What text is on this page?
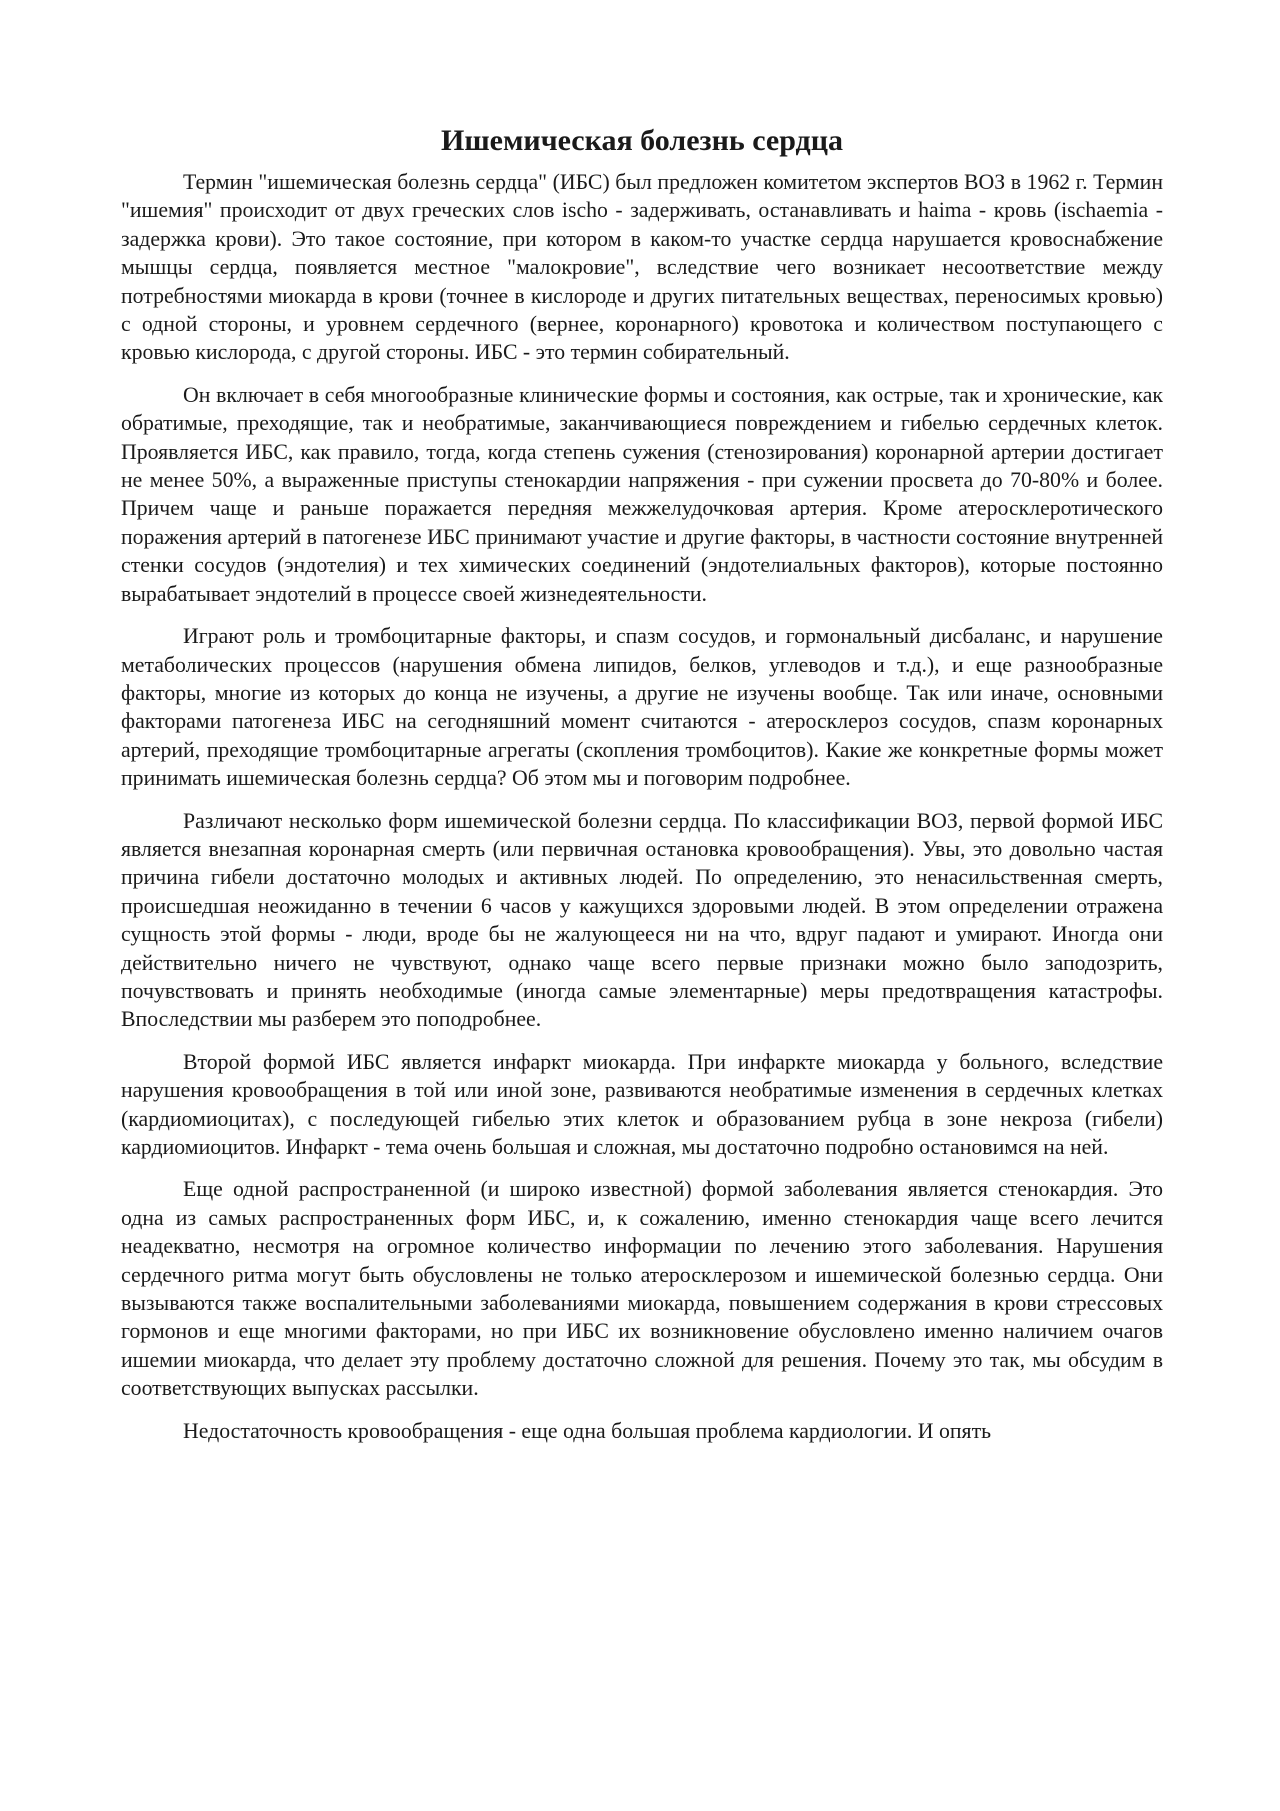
Ишемическая болезнь сердца

Термин "ишемическая болезнь сердца" (ИБС) был предложен комитетом экспертов ВОЗ в 1962 г. Термин "ишемия" происходит от двух греческих слов ischo - задерживать, останавливать и haima - кровь (ischaemia - задержка крови). Это такое состояние, при котором в каком-то участке сердца нарушается кровоснабжение мышцы сердца, появляется местное "малокровие", вследствие чего возникает несоответствие между потребностями миокарда в крови (точнее в кислороде и других питательных веществах, переносимых кровью) с одной стороны, и уровнем сердечного (вернее, коронарного) кровотока и количеством поступающего с кровью кислорода, с другой стороны. ИБС - это термин собирательный.

Он включает в себя многообразные клинические формы и состояния, как острые, так и хронические, как обратимые, преходящие, так и необратимые, заканчивающиеся повреждением и гибелью сердечных клеток. Проявляется ИБС, как правило, тогда, когда степень сужения (стенозирования) коронарной артерии достигает не менее 50%, а выраженные приступы стенокардии напряжения - при сужении просвета до 70-80% и более. Причем чаще и раньше поражается передняя межжелудочковая артерия. Кроме атеросклеротического поражения артерий в патогенезе ИБС принимают участие и другие факторы, в частности состояние внутренней стенки сосудов (эндотелия) и тех химических соединений (эндотелиальных факторов), которые постоянно вырабатывает эндотелий в процессе своей жизнедеятельности.

Играют роль и тромбоцитарные факторы, и спазм сосудов, и гормональный дисбаланс, и нарушение метаболических процессов (нарушения обмена липидов, белков, углеводов и т.д.), и еще разнообразные факторы, многие из которых до конца не изучены, а другие не изучены вообще. Так или иначе, основными факторами патогенеза ИБС на сегодняшний момент считаются - атеросклероз сосудов, спазм коронарных артерий, преходящие тромбоцитарные агрегаты (скопления тромбоцитов). Какие же конкретные формы может принимать ишемическая болезнь сердца? Об этом мы и поговорим подробнее.

Различают несколько форм ишемической болезни сердца. По классификации ВОЗ, первой формой ИБС является внезапная коронарная смерть (или первичная остановка кровообращения). Увы, это довольно частая причина гибели достаточно молодых и активных людей. По определению, это ненасильственная смерть, происшедшая неожиданно в течении 6 часов у кажущихся здоровыми людей. В этом определении отражена сущность этой формы - люди, вроде бы не жалующееся ни на что, вдруг падают и умирают. Иногда они действительно ничего не чувствуют, однако чаще всего первые признаки можно было заподозрить, почувствовать и принять необходимые (иногда самые элементарные) меры предотвращения катастрофы. Впоследствии мы разберем это поподробнее.

Второй формой ИБС является инфаркт миокарда. При инфаркте миокарда у больного, вследствие нарушения кровообращения в той или иной зоне, развиваются необратимые изменения в сердечных клетках (кардиомиоцитах), с последующей гибелью этих клеток и образованием рубца в зоне некроза (гибели) кардиомиоцитов. Инфаркт - тема очень большая и сложная, мы достаточно подробно остановимся на ней.

Еще одной распространенной (и широко известной) формой заболевания является стенокардия. Это одна из самых распространенных форм ИБС, и, к сожалению, именно стенокардия чаще всего лечится неадекватно, несмотря на огромное количество информации по лечению этого заболевания. Нарушения сердечного ритма могут быть обусловлены не только атеросклерозом и ишемической болезнью сердца. Они вызываются также воспалительными заболеваниями миокарда, повышением содержания в крови стрессовых гормонов и еще многими факторами, но при ИБС их возникновение обусловлено именно наличием очагов ишемии миокарда, что делает эту проблему достаточно сложной для решения. Почему это так, мы обсудим в соответствующих выпусках рассылки.

Недостаточность кровообращения - еще одна большая проблема кардиологии. И опять
